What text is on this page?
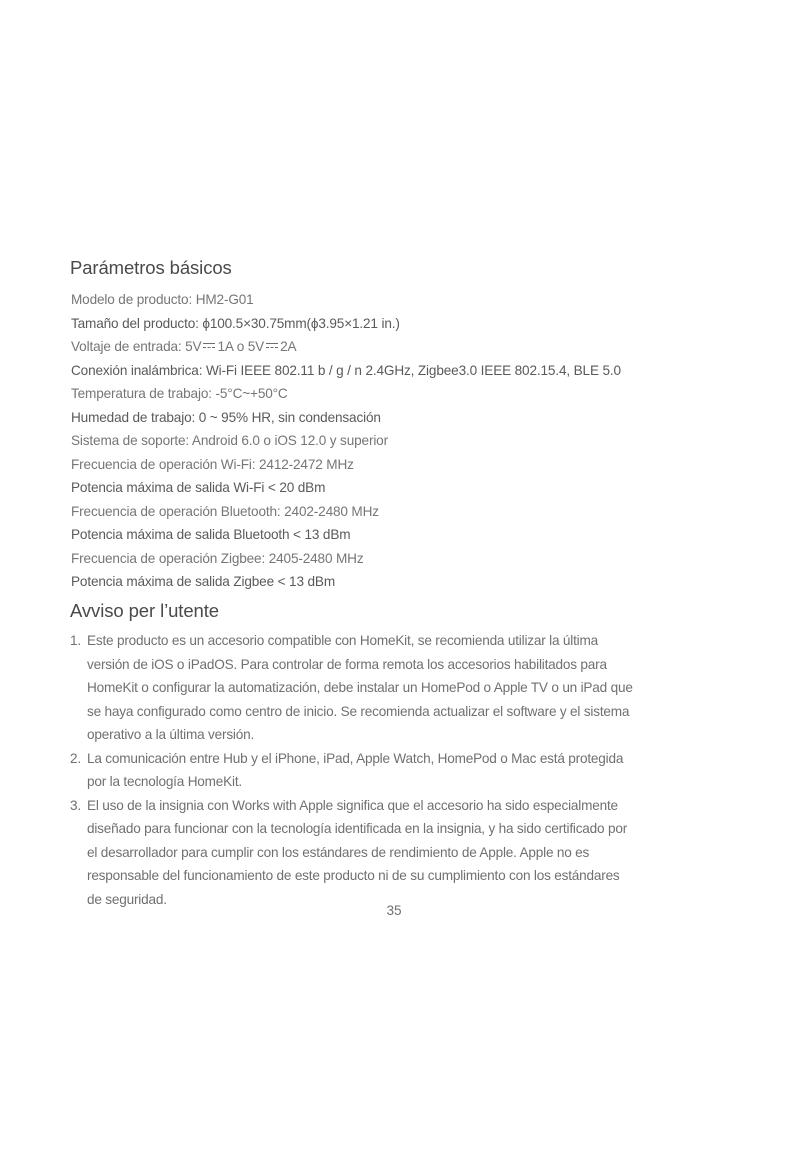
Parámetros básicos
Modelo de producto: HM2-G01
Tamaño del producto: ϕ100.5×30.75mm(ϕ3.95×1.21 in.)
Voltaje de entrada: 5V 1A o 5V 2A
Conexión inalámbrica: Wi-Fi IEEE 802.11 b / g / n 2.4GHz, Zigbee3.0 IEEE 802.15.4, BLE 5.0
Temperatura de trabajo: -5°C~+50°C
Humedad de trabajo: 0 ~ 95% HR, sin condensación
Sistema de soporte: Android 6.0 o iOS 12.0 y superior
Frecuencia de operación Wi-Fi: 2412-2472 MHz
Potencia máxima de salida Wi-Fi < 20 dBm
Frecuencia de operación Bluetooth: 2402-2480 MHz
Potencia máxima de salida Bluetooth < 13 dBm
Frecuencia de operación Zigbee: 2405-2480 MHz
Potencia máxima de salida Zigbee < 13 dBm
Avviso per l’utente
1. Este producto es un accesorio compatible con HomeKit, se recomienda utilizar la última
versión de iOS o iPadOS. Para controlar de forma remota los accesorios habilitados para
HomeKit o configurar la automatización, debe instalar un HomePod o Apple TV o un iPad que
se haya configurado como centro de inicio. Se recomienda actualizar el software y el sistema
operativo a la última versión.
2. La comunicación entre Hub y el iPhone, iPad, Apple Watch, HomePod o Mac está protegida
por la tecnología HomeKit.
3. El uso de la insignia con Works with Apple significa que el accesorio ha sido especialmente
diseñado para funcionar con la tecnología identificada en la insignia, y ha sido certificado por
el desarrollador para cumplir con los estándares de rendimiento de Apple. Apple no es
responsable del funcionamiento de este producto ni de su cumplimiento con los estándares
de seguridad.
35
